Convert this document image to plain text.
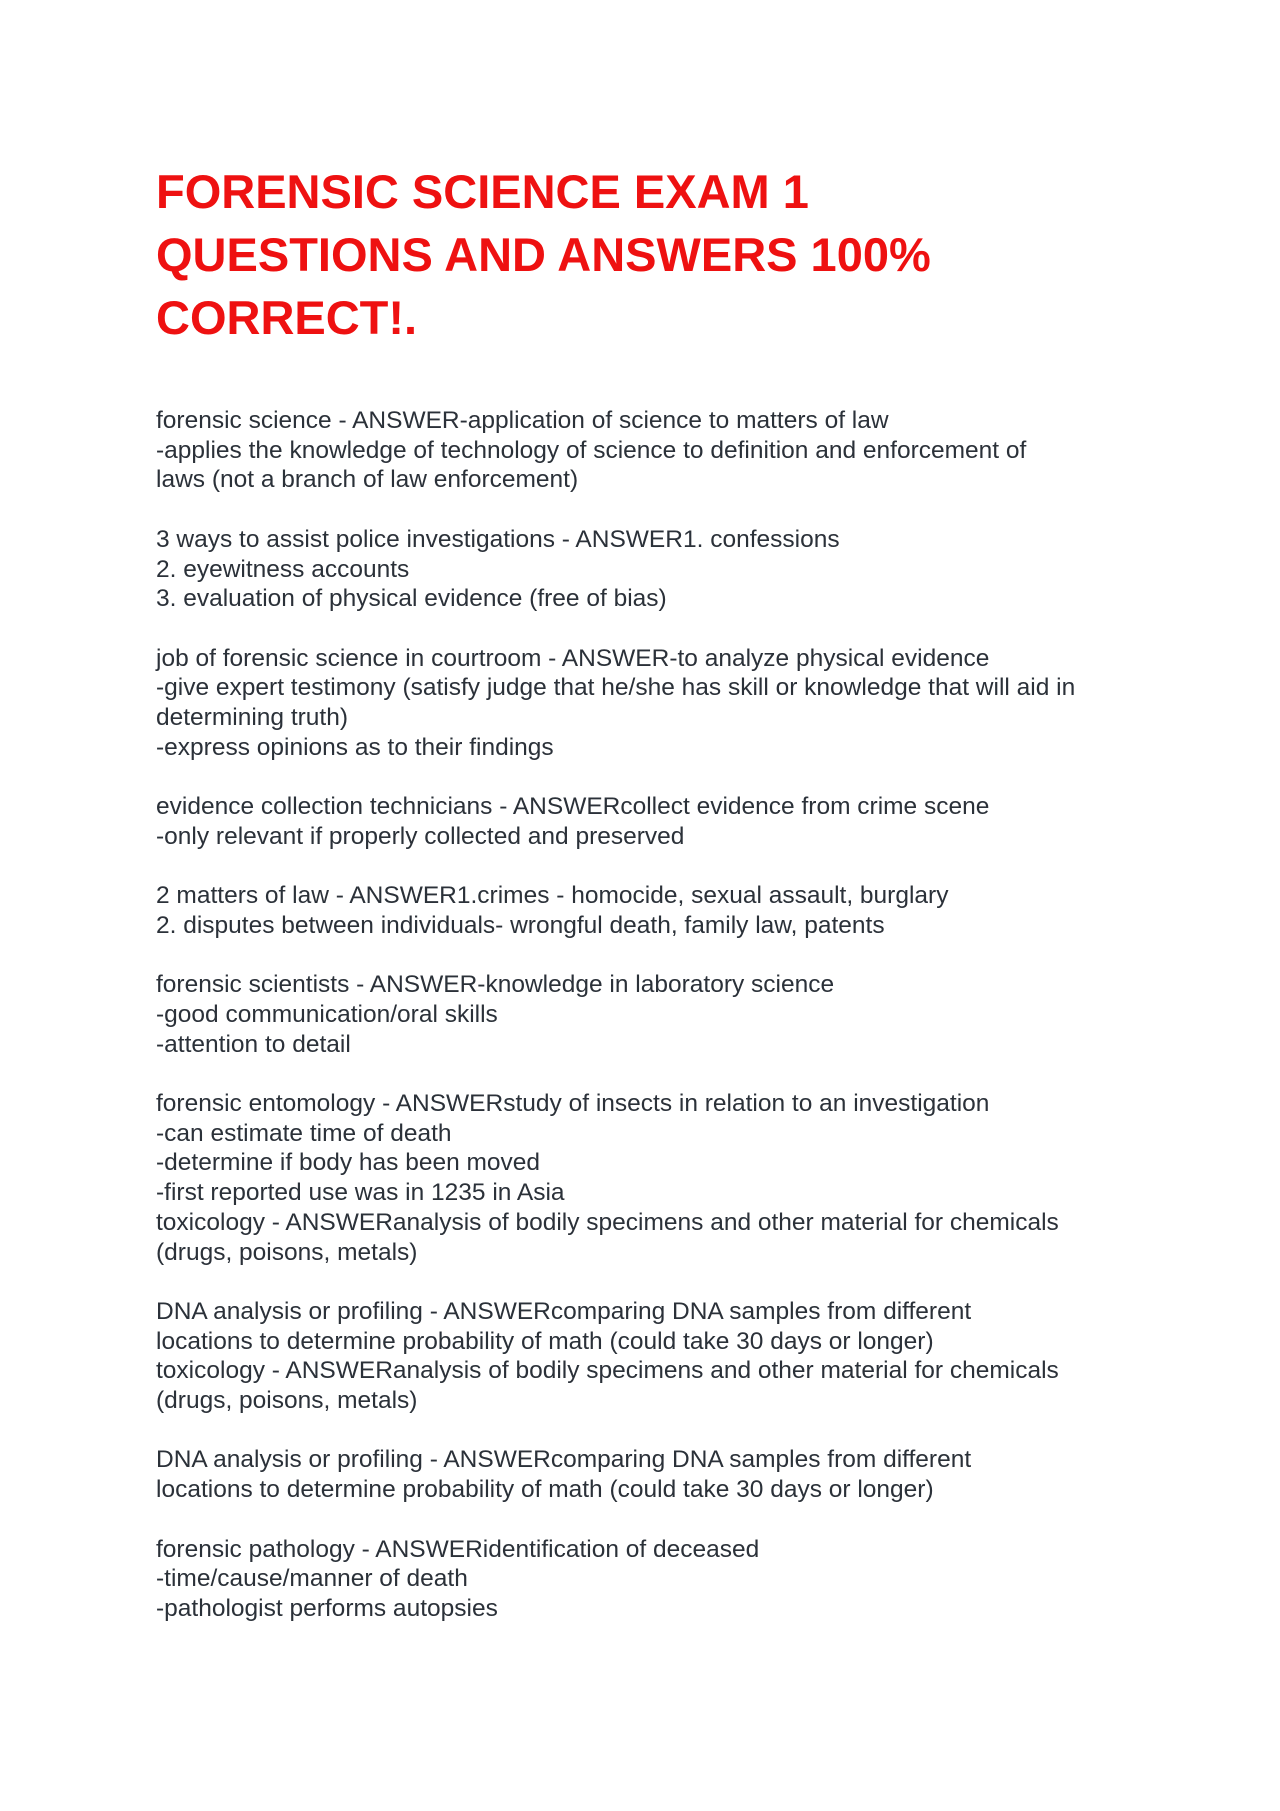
FORENSIC SCIENCE EXAM 1
QUESTIONS AND ANSWERS 100%
CORRECT!.
forensic science - ANSWER-application of science to matters of law
-applies the knowledge of technology of science to definition and enforcement of
laws (not a branch of law enforcement)
3 ways to assist police investigations - ANSWER1. confessions
2. eyewitness accounts
3. evaluation of physical evidence (free of bias)
job of forensic science in courtroom - ANSWER-to analyze physical evidence
-give expert testimony (satisfy judge that he/she has skill or knowledge that will aid in
determining truth)
-express opinions as to their findings
evidence collection technicians - ANSWERcollect evidence from crime scene
-only relevant if properly collected and preserved
2 matters of law - ANSWER1.crimes - homocide, sexual assault, burglary
2. disputes between individuals- wrongful death, family law, patents
forensic scientists - ANSWER-knowledge in laboratory science
-good communication/oral skills
-attention to detail
forensic entomology - ANSWERstudy of insects in relation to an investigation
-can estimate time of death
-determine if body has been moved
-first reported use was in 1235 in Asia
toxicology - ANSWERanalysis of bodily specimens and other material for chemicals
(drugs, poisons, metals)
DNA analysis or profiling - ANSWERcomparing DNA samples from different
locations to determine probability of math (could take 30 days or longer)
toxicology - ANSWERanalysis of bodily specimens and other material for chemicals
(drugs, poisons, metals)
DNA analysis or profiling - ANSWERcomparing DNA samples from different
locations to determine probability of math (could take 30 days or longer)
forensic pathology - ANSWERidentification of deceased
-time/cause/manner of death
-pathologist performs autopsies
